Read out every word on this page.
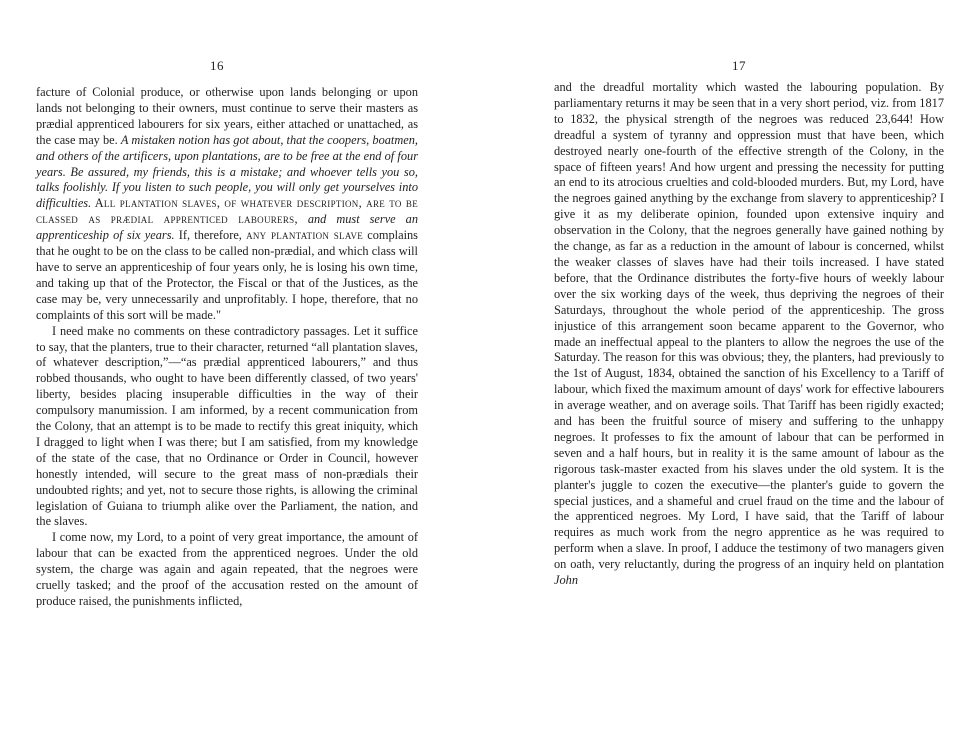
16

facture of Colonial produce, or otherwise upon lands belonging or upon lands not belonging to their owners, must continue to serve their masters as prædial apprenticed labourers for six years, either attached or unattached, as the case may be. A mistaken notion has got about, that the coopers, boatmen, and others of the artificers, upon plantations, are to be free at the end of four years. Be assured, my friends, this is a mistake; and whoever tells you so, talks foolishly. If you listen to such people, you will only get yourselves into difficulties. All plantation slaves, of whatever description, are to be classed as prædial apprenticed labourers, and must serve an apprenticeship of six years. If, therefore, any plantation slave complains that he ought to be on the class to be called non-prædial, and which class will have to serve an apprenticeship of four years only, he is losing his own time, and taking up that of the Protector, the Fiscal or that of the Justices, as the case may be, very unnecessarily and unprofitably. I hope, therefore, that no complaints of this sort will be made."

I need make no comments on these contradictory passages. Let it suffice to say, that the planters, true to their character, returned “all plantation slaves, of whatever description,”—“as prædial apprenticed labourers,” and thus robbed thousands, who ought to have been differently classed, of two years' liberty, besides placing insuperable difficulties in the way of their compulsory manumission. I am informed, by a recent communication from the Colony, that an attempt is to be made to rectify this great iniquity, which I dragged to light when I was there; but I am satisfied, from my knowledge of the state of the case, that no Ordinance or Order in Council, however honestly intended, will secure to the great mass of non-prædials their undoubted rights; and yet, not to secure those rights, is allowing the criminal legislation of Guiana to triumph alike over the Parliament, the nation, and the slaves.

I come now, my Lord, to a point of very great importance, the amount of labour that can be exacted from the apprenticed negroes. Under the old system, the charge was again and again repeated, that the negroes were cruelly tasked; and the proof of the accusation rested on the amount of produce raised, the punishments inflicted,

17

and the dreadful mortality which wasted the labouring population. By parliamentary returns it may be seen that in a very short period, viz. from 1817 to 1832, the physical strength of the negroes was reduced 23,644! How dreadful a system of tyranny and oppression must that have been, which destroyed nearly one-fourth of the effective strength of the Colony, in the space of fifteen years! And how urgent and pressing the necessity for putting an end to its atrocious cruelties and cold-blooded murders. But, my Lord, have the negroes gained anything by the exchange from slavery to apprenticeship? I give it as my deliberate opinion, founded upon extensive inquiry and observation in the Colony, that the negroes generally have gained nothing by the change, as far as a reduction in the amount of labour is concerned, whilst the weaker classes of slaves have had their toils increased. I have stated before, that the Ordinance distributes the forty-five hours of weekly labour over the six working days of the week, thus depriving the negroes of their Saturdays, throughout the whole period of the apprenticeship. The gross injustice of this arrangement soon became apparent to the Governor, who made an ineffectual appeal to the planters to allow the negroes the use of the Saturday. The reason for this was obvious; they, the planters, had previously to the 1st of August, 1834, obtained the sanction of his Excellency to a Tariff of labour, which fixed the maximum amount of days' work for effective labourers in average weather, and on average soils. That Tariff has been rigidly exacted; and has been the fruitful source of misery and suffering to the unhappy negroes. It professes to fix the amount of labour that can be performed in seven and a half hours, but in reality it is the same amount of labour as the rigorous task-master exacted from his slaves under the old system. It is the planter's juggle to cozen the executive—the planter's guide to govern the special justices, and a shameful and cruel fraud on the time and the labour of the apprenticed negroes. My Lord, I have said, that the Tariff of labour requires as much work from the negro apprentice as he was required to perform when a slave. In proof, I adduce the testimony of two managers given on oath, very reluctantly, during the progress of an inquiry held on plantation John
